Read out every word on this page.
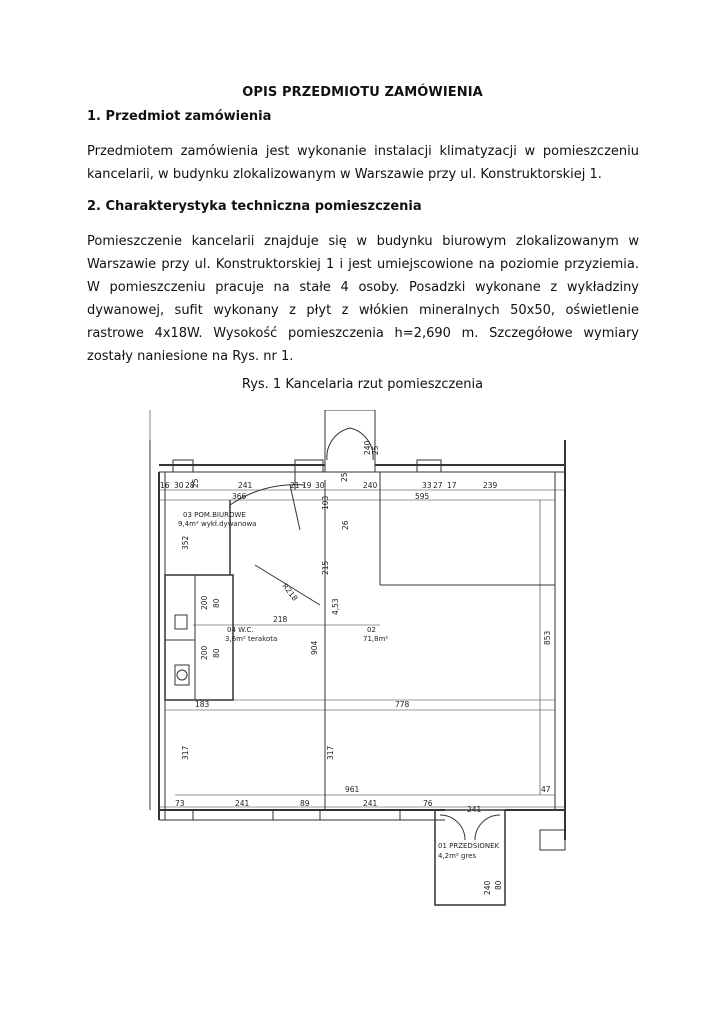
OPIS PRZEDMIOTU ZAMÓWIENIA
1. Przedmiot zamówienia
Przedmiotem zamówienia jest wykonanie instalacji klimatyzacji w pomieszczeniu kancelarii, w budynku zlokalizowanym w Warszawie przy ul. Konstruktorskiej 1.
2. Charakterystyka techniczna pomieszczenia
Pomieszczenie kancelarii znajduje się w budynku biurowym zlokalizowanym w Warszawie przy ul. Konstruktorskiej 1 i jest umiejscowione na poziomie przyziemia. W pomieszczeniu pracuje na stałe 4 osoby. Posadzki wykonane z wykładziny dywanowej, sufit wykonany z płyt z włókien mineralnych 50x50, oświetlenie rastrowe 4x18W. Wysokość pomieszczenia h=2,690 m. Szczegółowe wymiary zostały naniesione na Rys. nr 1.
Rys. 1 Kancelaria rzut pomieszczenia
03 POM.BIUROWE
9,4m² wykł.dywanowa
04 W.C.
3,6m² terakota
02
71,8m²
01 PRZEDSIONEK
4,2m² gres
16 30 28	241	21 19 30	240	33 27 17	239
366	595
25
240 25
25
103
26
352
200 80
200 80
215
4,53
904
853
317	317
R218
218
183	778
961	47
73	241	89	241	76
241
240 80
